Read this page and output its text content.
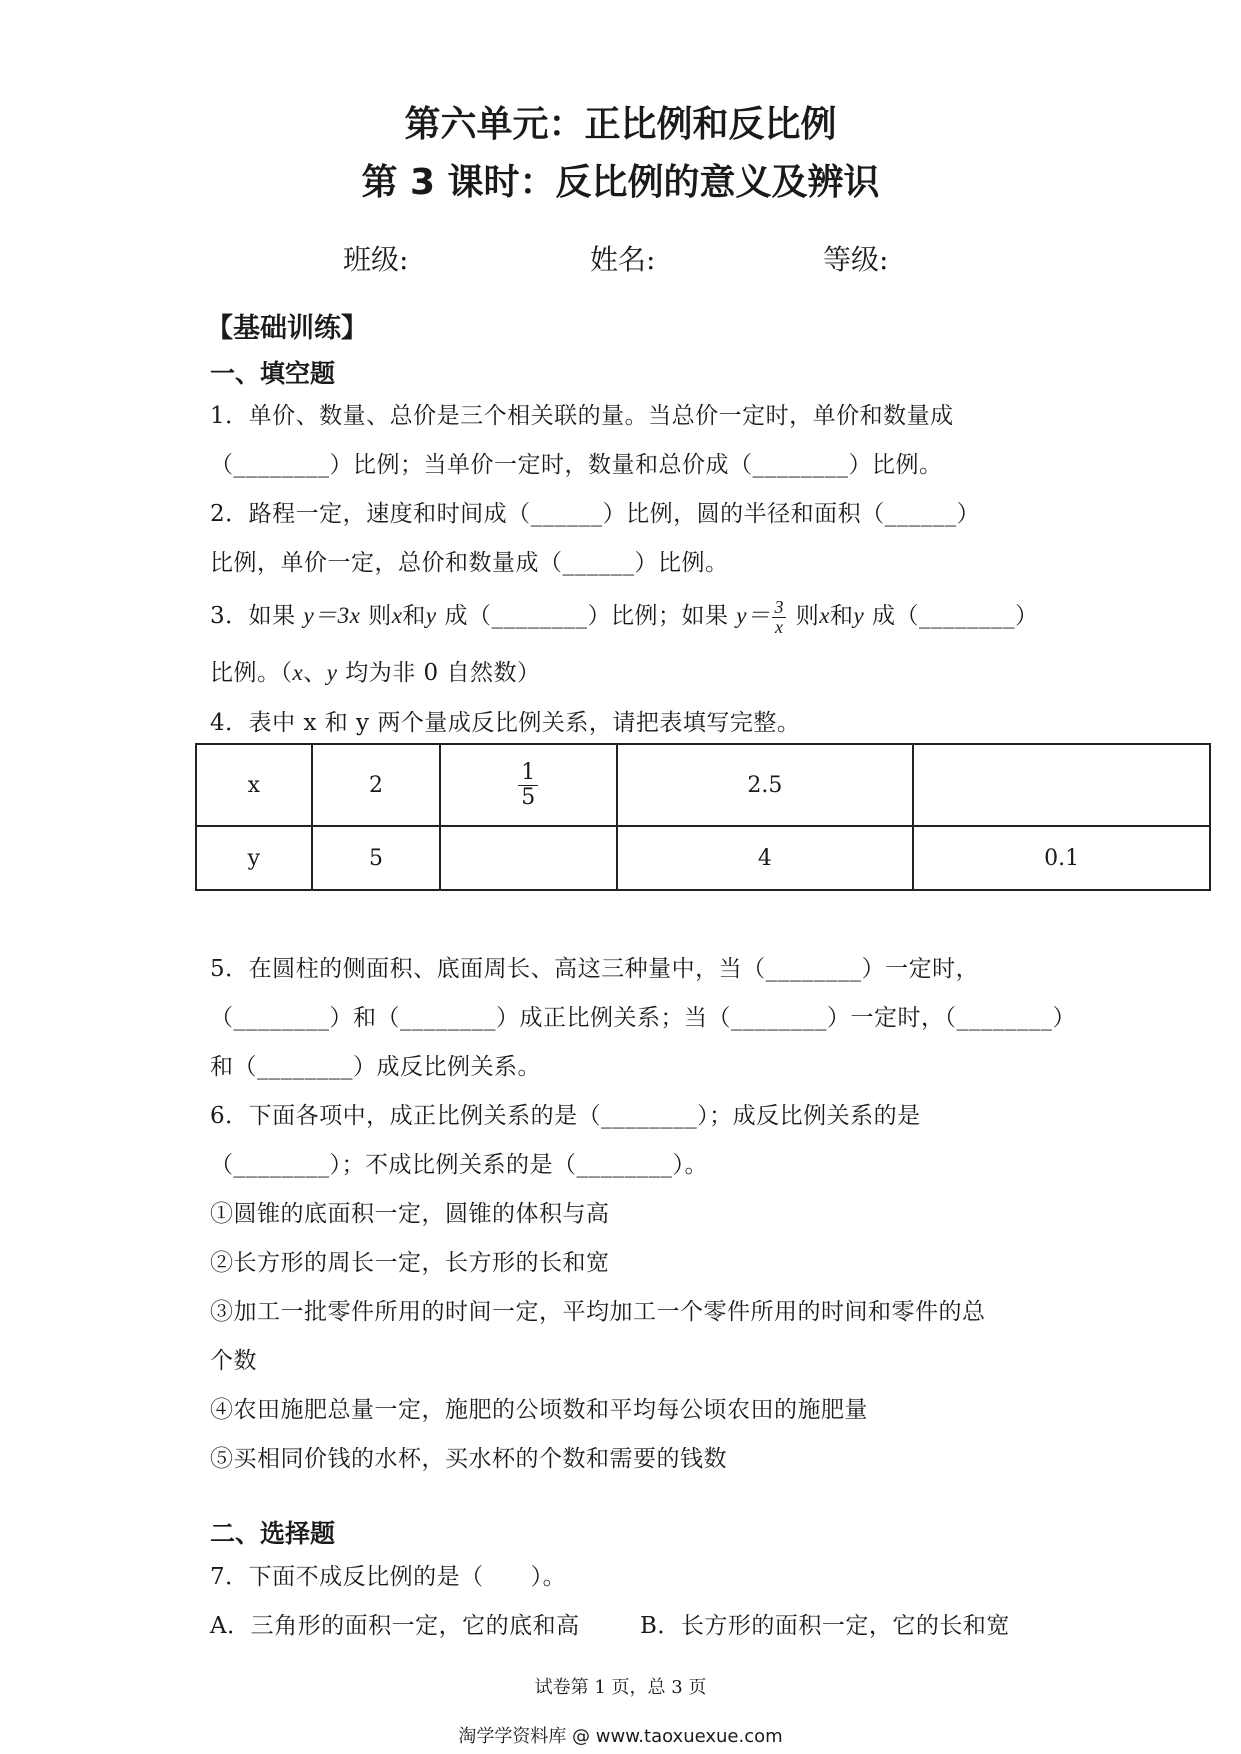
第六单元：正比例和反比例
第 3 课时：反比例的意义及辨识
班级:	姓名:	等级:
【基础训练】
一、填空题
1．单价、数量、总价是三个相关联的量。当总价一定时，单价和数量成
（________）比例；当单价一定时，数量和总价成（________）比例。
2．路程一定，速度和时间成（______）比例，圆的半径和面积（______）
比例，单价一定，总价和数量成（______）比例。
3．如果 y＝3x 则x和y 成（________）比例；如果 $y= \frac{3}{x}$ 则x和y 成（________）
比例。（x、y 均为非 0 自然数）
4．表中 x 和 y 两个量成反比例关系，请把表填写完整。
x	2	$\frac{1}{5}$	2.5	
y	5		4	0.1
5．在圆柱的侧面积、底面周长、高这三种量中，当（________）一定时，
（________）和（________）成正比例关系；当（________）一定时，（________）
和（________）成反比例关系。
6．下面各项中，成正比例关系的是（________）；成反比例关系的是
（________）；不成比例关系的是（________）。
①圆锥的底面积一定，圆锥的体积与高
②长方形的周长一定，长方形的长和宽
③加工一批零件所用的时间一定，平均加工一个零件所用的时间和零件的总
个数
④农田施肥总量一定，施肥的公顷数和平均每公顷农田的施肥量
⑤买相同价钱的水杯，买水杯的个数和需要的钱数
二、选择题
7．下面不成反比例的是（　　）。
A．三角形的面积一定，它的底和高	B．长方形的面积一定，它的长和宽
试卷第 1 页，总 3 页
淘学学资料库 @ www.taoxuexue.com
